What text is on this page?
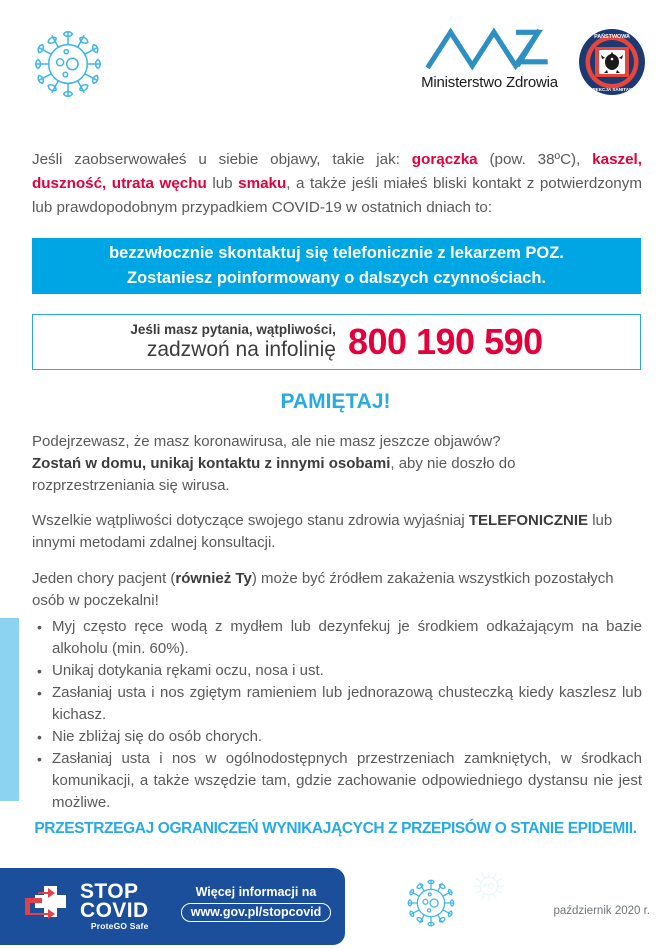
Ministerstwo Zdrowia
PAŃSTWOWA
INSPEKCJA SANITARNA

Jeśli zaobserwowałeś u siebie objawy, takie jak: gorączka (pow. 38ºC), kaszel, duszność, utrata węchu lub smaku, a także jeśli miałeś bliski kontakt z potwierdzonym lub prawdopodobnym przypadkiem COVID-19 w ostatnich dniach to:

bezzwłocznie skontaktuj się telefonicznie z lekarzem POZ.
Zostaniesz poinformowany o dalszych czynnościach.
Jeśli masz pytania, wątpliwości,
zadzwoń na infolinię 800 190 590
PAMIĘTAJ!

Podejrzewasz, że masz koronawirusa, ale nie masz jeszcze objawów?
Zostań w domu, unikaj kontaktu z innymi osobami, aby nie doszło do rozprzestrzeniania się wirusa.

Wszelkie wątpliwości dotyczące swojego stanu zdrowia wyjaśniaj TELEFONICZNIE lub innymi metodami zdalnej konsultacji.

Jeden chory pacjent (również Ty) może być źródłem zakażenia wszystkich pozostałych osób w poczekalni!

• Myj często ręce wodą z mydłem lub dezynfekuj je środkiem odkażającym na bazie alkoholu (min. 60%).
• Unikaj dotykania rękami oczu, nosa i ust.
• Zasłaniaj usta i nos zgiętym ramieniem lub jednorazową chusteczką kiedy kaszlesz lub kichasz.
• Nie zbliżaj się do osób chorych.
• Zasłaniaj usta i nos w ogólnodostępnych przestrzeniach zamkniętych, w środkach komunikacji, a także wszędzie tam, gdzie zachowanie odpowiedniego dystansu nie jest możliwe.
PRZESTRZEGAJ OGRANICZEŃ WYNIKAJĄCYCH Z PRZEPISÓW O STANIE EPIDEMII.
STOP
COVID
ProteGO Safe
Więcej informacji na
www.gov.pl/stopcovid	październik 2020 r.
